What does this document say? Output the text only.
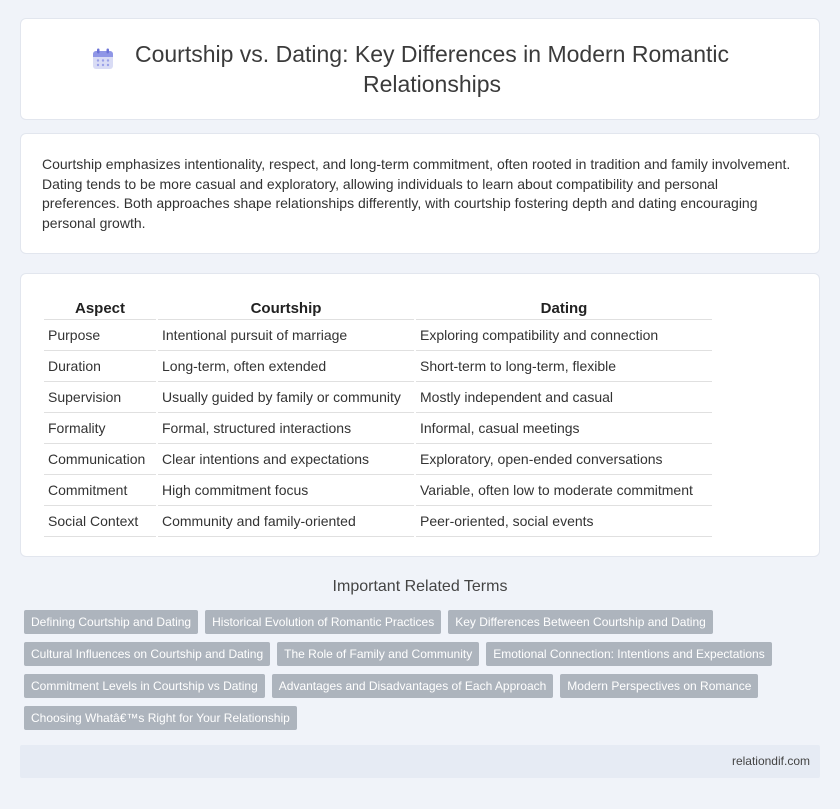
Courtship vs. Dating: Key Differences in Modern Romantic Relationships

Courtship emphasizes intentionality, respect, and long-term commitment, often rooted in tradition and family involvement. Dating tends to be more casual and exploratory, allowing individuals to learn about compatibility and personal preferences. Both approaches shape relationships differently, with courtship fostering depth and dating encouraging personal growth.

Aspect	Courtship	Dating
Purpose	Intentional pursuit of marriage	Exploring compatibility and connection
Duration	Long-term, often extended	Short-term to long-term, flexible
Supervision	Usually guided by family or community	Mostly independent and casual
Formality	Formal, structured interactions	Informal, casual meetings
Communication	Clear intentions and expectations	Exploratory, open-ended conversations
Commitment	High commitment focus	Variable, often low to moderate commitment
Social Context	Community and family-oriented	Peer-oriented, social events
Important Related Terms
Defining Courtship and Dating	Historical Evolution of Romantic Practices	Key Differences Between Courtship and Dating
Cultural Influences on Courtship and Dating	The Role of Family and Community	Emotional Connection: Intentions and Expectations
Commitment Levels in Courtship vs Dating	Advantages and Disadvantages of Each Approach	Modern Perspectives on Romance
Choosing Whatâ€™s Right for Your Relationship
relationdif.com
